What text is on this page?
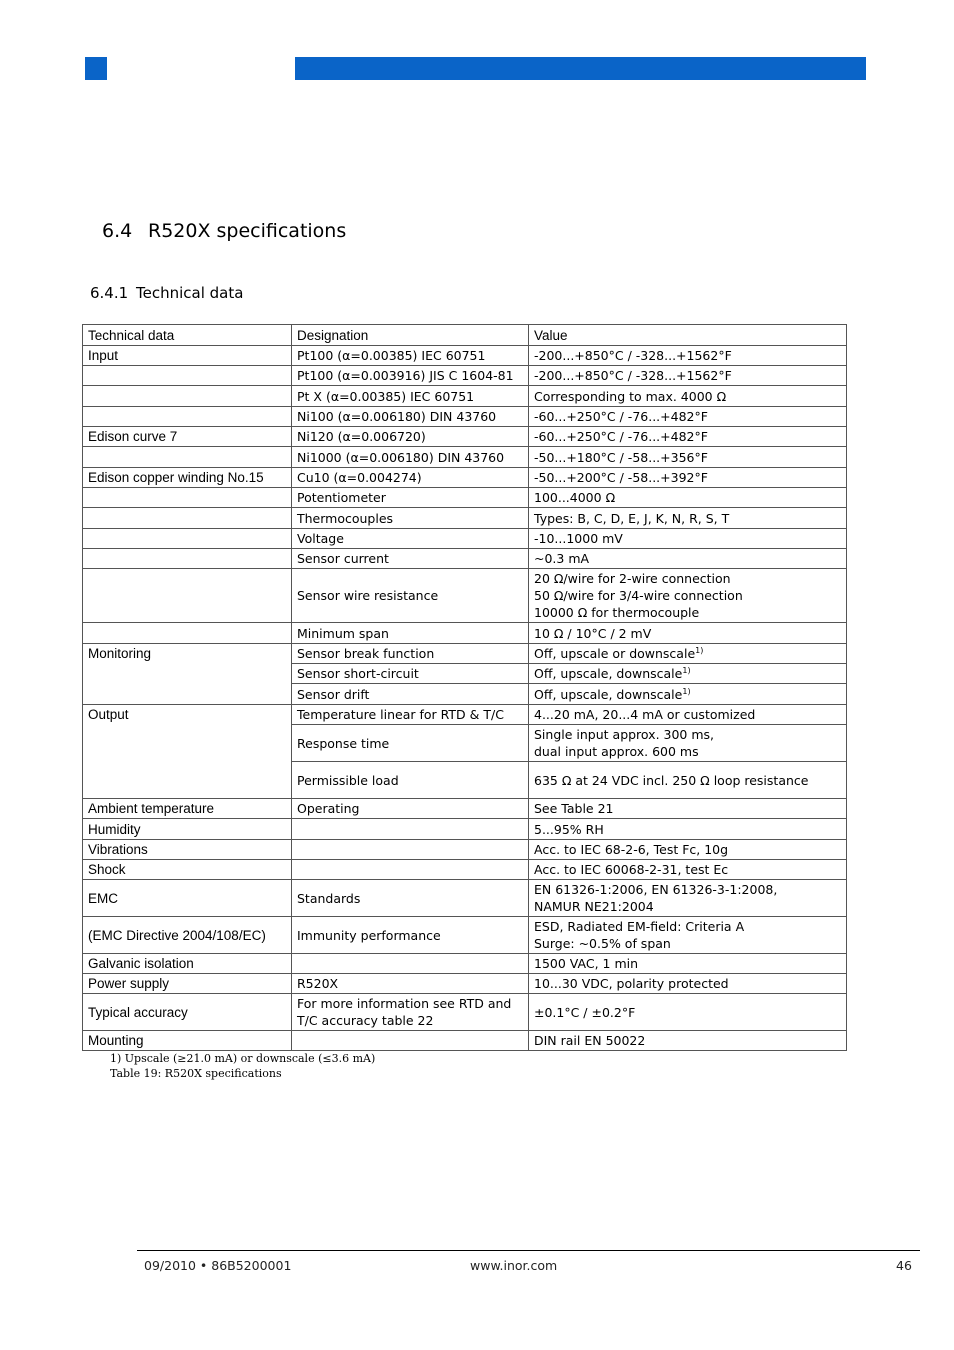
6.4 R520X specifications
6.4.1 Technical data
Technical data	Designation	Value
Input	Pt100 (α=0.00385) IEC 60751	-200...+850°C / -328...+1562°F
	Pt100 (α=0.003916) JIS C 1604-81	-200...+850°C / -328...+1562°F
	Pt X (α=0.00385) IEC 60751	Corresponding to max. 4000 Ω
	Ni100 (α=0.006180) DIN 43760	-60...+250°C / -76...+482°F
Edison curve 7	Ni120 (α=0.006720)	-60...+250°C / -76...+482°F
	Ni1000 (α=0.006180) DIN 43760	-50...+180°C / -58...+356°F
Edison copper winding No.15	Cu10 (α=0.004274)	-50...+200°C / -58...+392°F
	Potentiometer	100...4000 Ω
	Thermocouples	Types: B, C, D, E, J, K, N, R, S, T
	Voltage	-10...1000 mV
	Sensor current	~0.3 mA
	Sensor wire resistance	20 Ω/wire for 2-wire connection
50 Ω/wire for 3/4-wire connection
10000 Ω for thermocouple

	Minimum span	10 Ω / 10°C / 2 mV
Monitoring	Sensor break function	Off, upscale or downscale$^{1)}$
	Sensor short-circuit	Off, upscale, downscale$^{1)}$
	Sensor drift	Off, upscale, downscale$^{1)}$
Output	Temperature linear for RTD & T/C	4...20 mA, 20...4 mA or customized
	Response time	Single input approx. 300 ms,
dual input approx. 600 ms

	Permissible load	635 Ω at 24 VDC incl. 250 Ω loop resistance
Ambient temperature	Operating	See Table 21
Humidity		5...95% RH
Vibrations		Acc. to IEC 68-2-6, Test Fc, 10g
Shock		Acc. to IEC 60068-2-31, test Ec
EMC	Standards	EN 61326-1:2006, EN 61326-3-1:2008,
NAMUR NE21:2004

(EMC Directive 2004/108/EC)	Immunity performance	ESD, Radiated EM-field: Criteria A
Surge: ~0.5% of span

Galvanic isolation		1500 VAC, 1 min
Power supply	R520X	10...30 VDC, polarity protected
Typical accuracy	For more information see RTD and
T/C accuracy table 22	±0.1°C / ±0.2°F
Mounting		DIN rail EN 50022
1) Upscale (≥21.0 mA) or downscale (≤3.6 mA)
Table 19: R520X specifications
09/2010 • 86B5200001	www.inor.com	46
